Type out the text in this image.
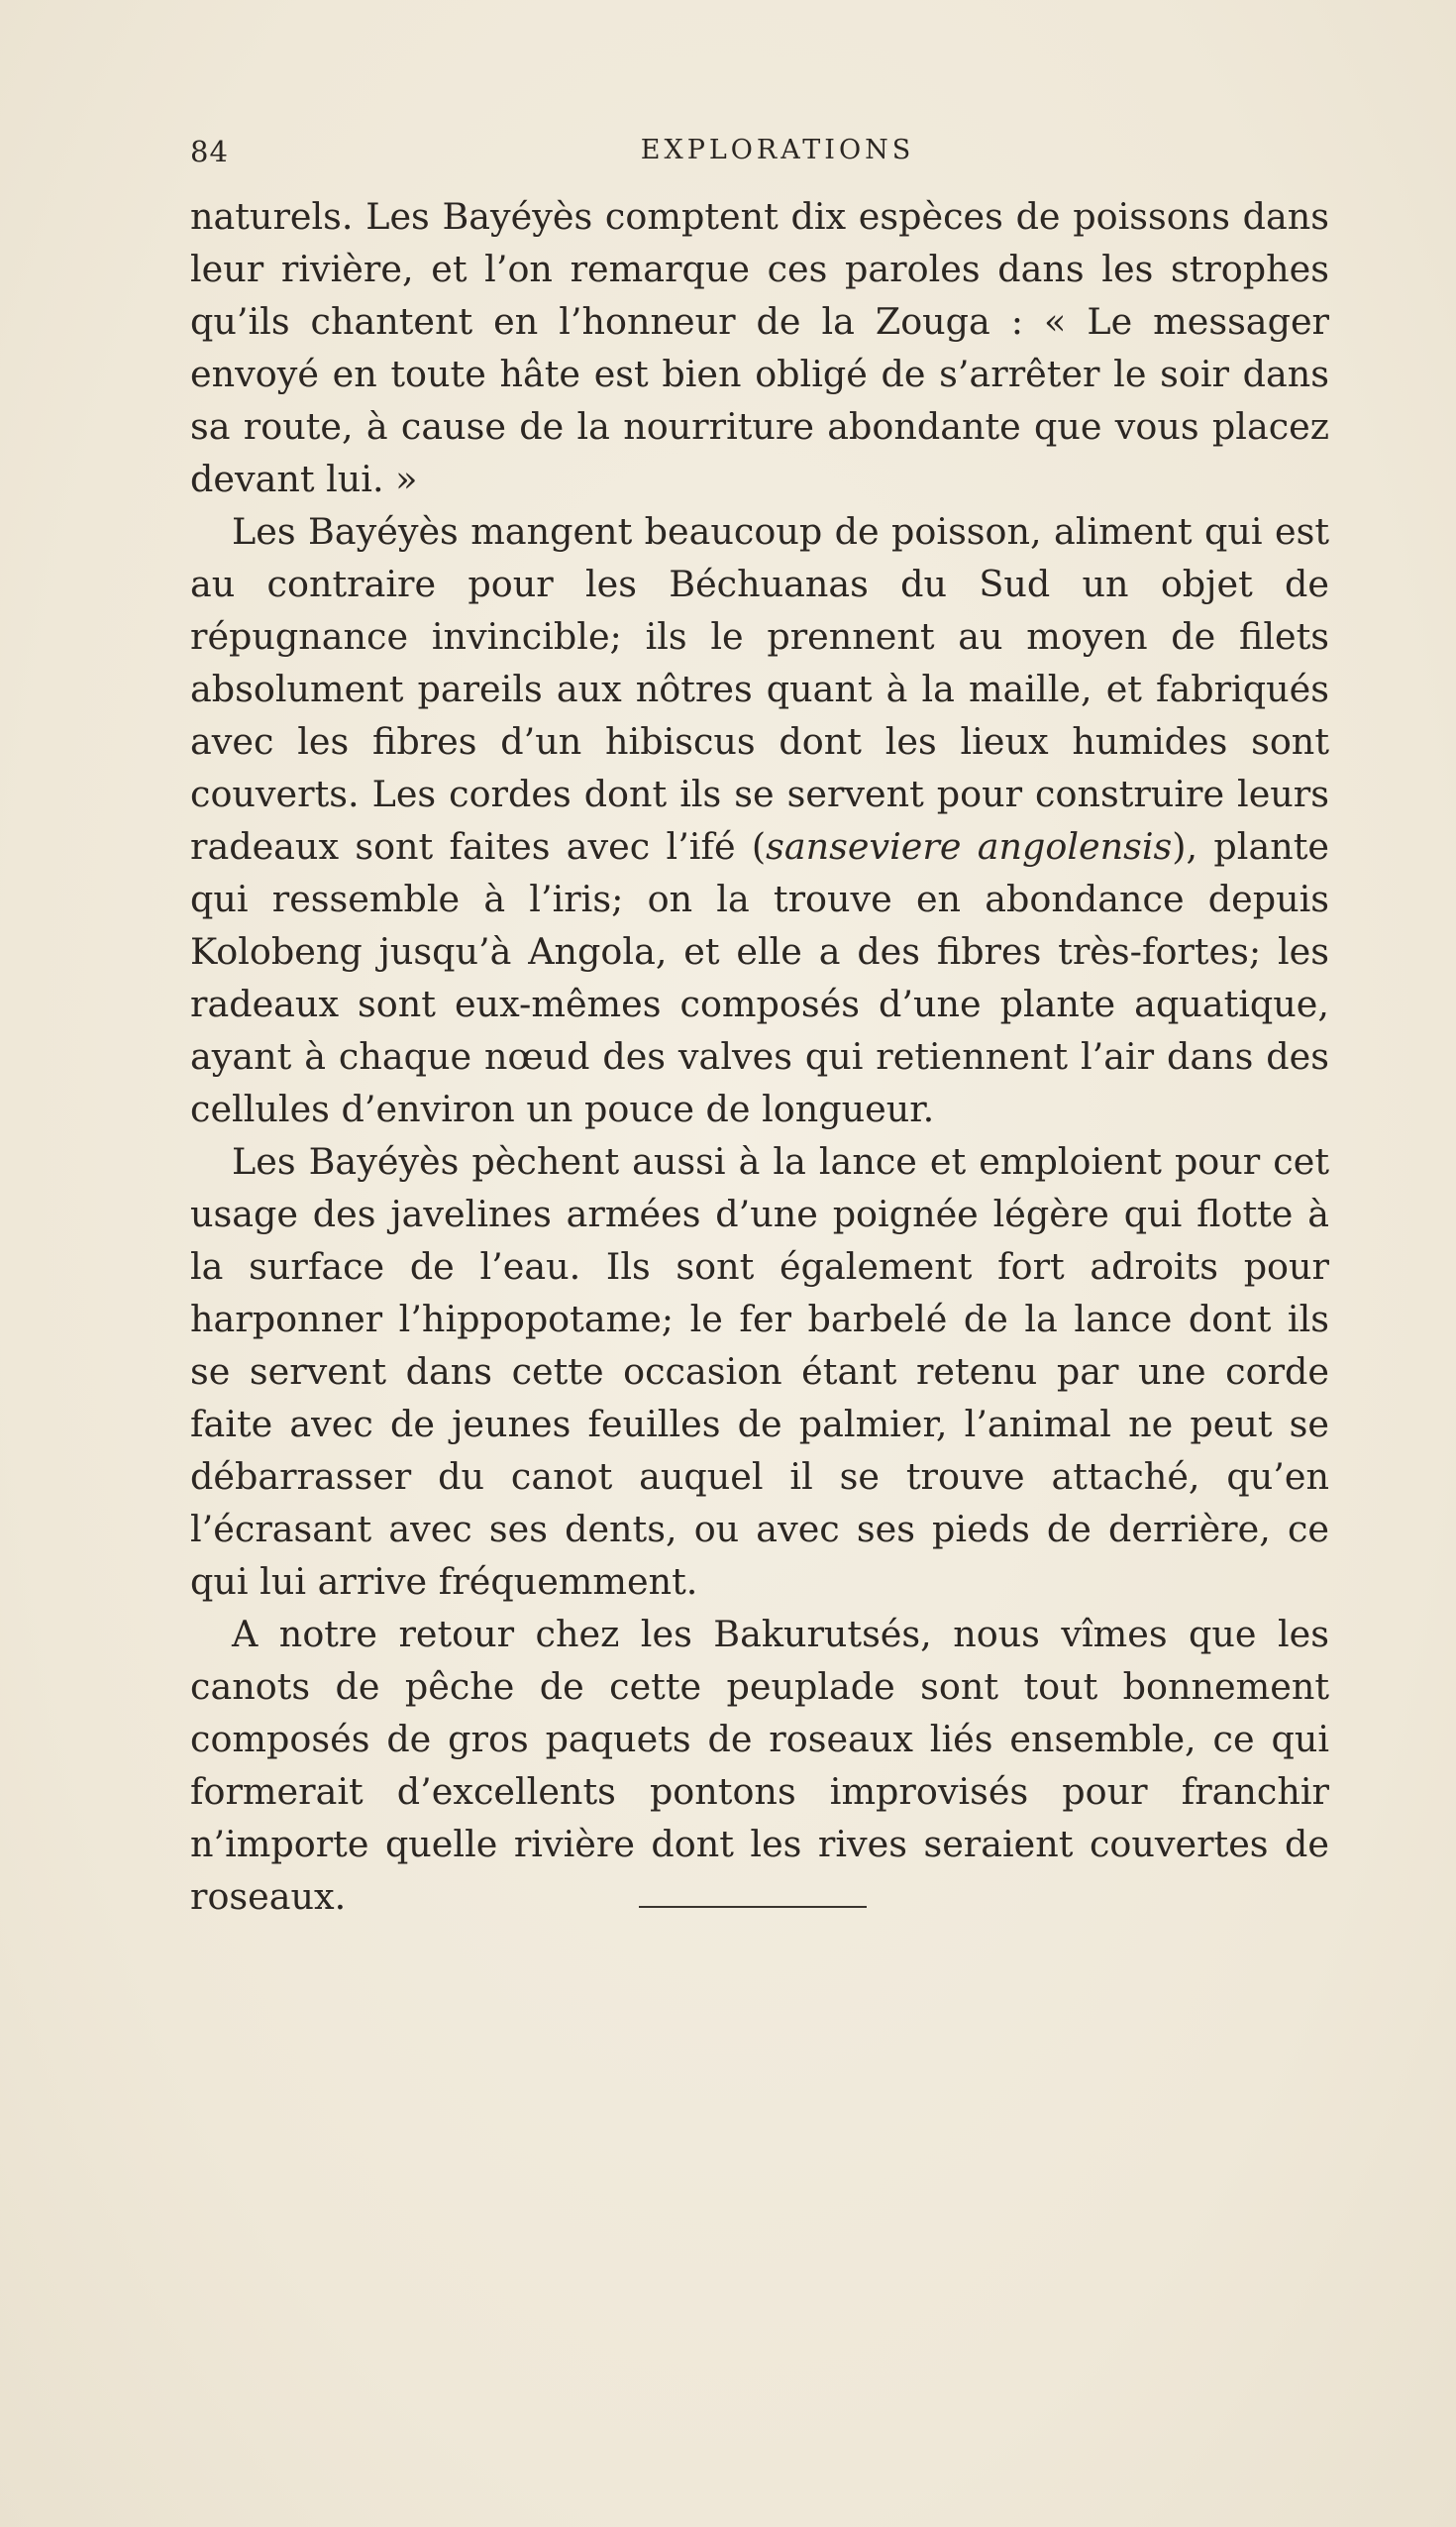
84	EXPLORATIONS

naturels. Les Bayéyès comptent dix espèces de poissons dans leur rivière, et l’on remarque ces paroles dans les strophes qu’ils chantent en l’honneur de la Zouga : « Le messager envoyé en toute hâte est bien obligé de s’arrêter le soir dans sa route, à cause de la nourriture abondante que vous placez devant lui. »

Les Bayéyès mangent beaucoup de poisson, aliment qui est au contraire pour les Béchuanas du Sud un objet de répugnance invincible; ils le prennent au moyen de filets absolument pareils aux nôtres quant à la maille, et fabriqués avec les fibres d’un hibiscus dont les lieux humides sont couverts. Les cordes dont ils se servent pour construire leurs radeaux sont faites avec l’ifé (sanseviere angolensis), plante qui ressemble à l’iris; on la trouve en abondance depuis Kolobeng jusqu’à Angola, et elle a des fibres très-fortes; les radeaux sont eux-mêmes composés d’une plante aquatique, ayant à chaque nœud des valves qui retiennent l’air dans des cellules d’environ un pouce de longueur.

Les Bayéyès pèchent aussi à la lance et emploient pour cet usage des javelines armées d’une poignée légère qui flotte à la surface de l’eau. Ils sont également fort adroits pour harponner l’hippopotame; le fer barbelé de la lance dont ils se servent dans cette occasion étant retenu par une corde faite avec de jeunes feuilles de palmier, l’animal ne peut se débarrasser du canot auquel il se trouve attaché, qu’en l’écrasant avec ses dents, ou avec ses pieds de derrière, ce qui lui arrive fréquemment.

A notre retour chez les Bakurutsés, nous vîmes que les canots de pêche de cette peuplade sont tout bonnement composés de gros paquets de roseaux liés ensemble, ce qui formerait d’excellents pontons improvisés pour franchir n’importe quelle rivière dont les rives seraient couvertes de roseaux.
